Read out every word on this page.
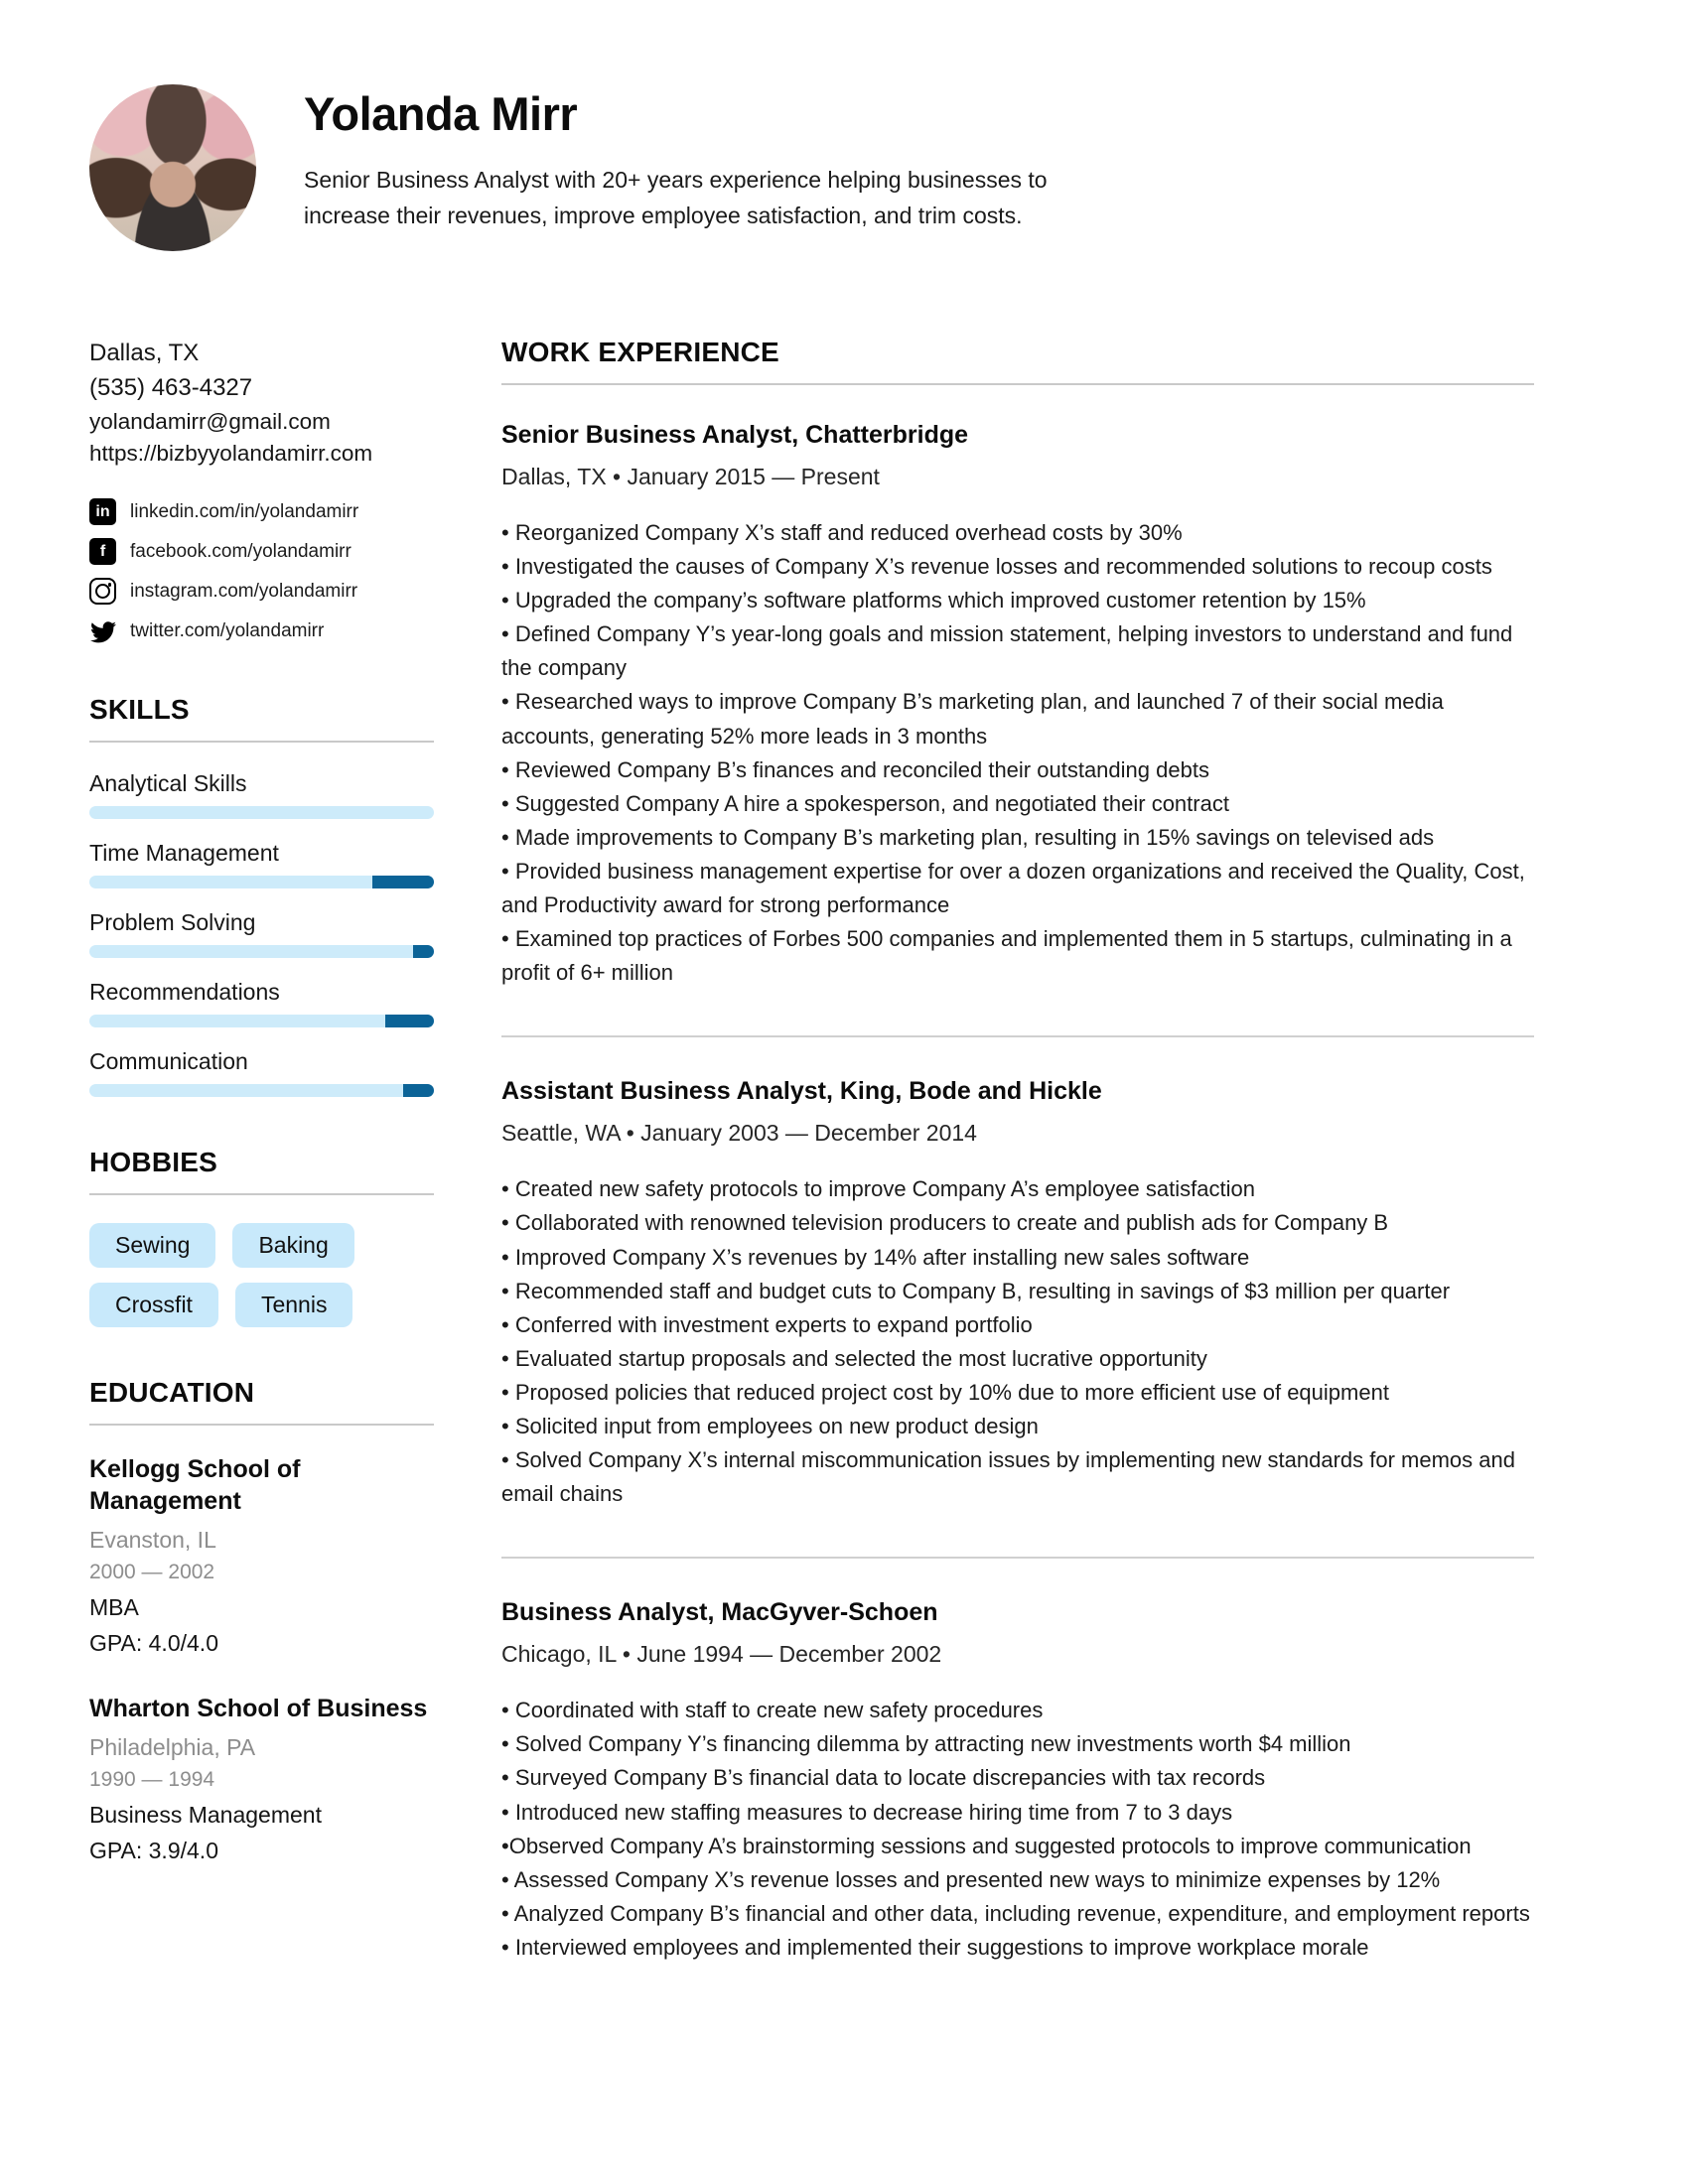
Yolanda Mirr
Senior Business Analyst with 20+ years experience helping businesses to increase their revenues, improve employee satisfaction, and trim costs.
Dallas, TX
(535) 463-4327
yolandamirr@gmail.com
https://bizbyyolandamirr.com
in	linkedin.com/in/yolandamirr
f	facebook.com/yolandamirr
instagram.com/yolandamirr
twitter.com/yolandamirr
SKILLS
Analytical Skills
Time Management
Problem Solving
Recommendations
Communication
HOBBIES
Sewing	Baking
Crossfit	Tennis
EDUCATION
Kellogg School of Management
Evanston, IL
2000 — 2002
MBA
GPA: 4.0/4.0
Wharton School of Business
Philadelphia, PA
1990 — 1994
Business Management
GPA: 3.9/4.0
WORK EXPERIENCE
Senior Business Analyst, Chatterbridge
Dallas, TX • January 2015 — Present
• Reorganized Company X’s staff and reduced overhead costs by 30%
• Investigated the causes of Company X’s revenue losses and recommended solutions to recoup costs
• Upgraded the company’s software platforms which improved customer retention by 15%
• Defined Company Y’s year-long goals and mission statement, helping investors to understand and fund the company
• Researched ways to improve Company B’s marketing plan, and launched 7 of their social media accounts, generating 52% more leads in 3 months
• Reviewed Company B’s finances and reconciled their outstanding debts
• Suggested Company A hire a spokesperson, and negotiated their contract
• Made improvements to Company B’s marketing plan, resulting in 15% savings on televised ads
• Provided business management expertise for over a dozen organizations and received the Quality, Cost, and Productivity award for strong performance
• Examined top practices of Forbes 500 companies and implemented them in 5 startups, culminating in a profit of 6+ million
Assistant Business Analyst, King, Bode and Hickle
Seattle, WA • January 2003 — December 2014
• Created new safety protocols to improve Company A’s employee satisfaction
• Collaborated with renowned television producers to create and publish ads for Company B
• Improved Company X’s revenues by 14% after installing new sales software
• Recommended staff and budget cuts to Company B, resulting in savings of $3 million per quarter
• Conferred with investment experts to expand portfolio
• Evaluated startup proposals and selected the most lucrative opportunity
• Proposed policies that reduced project cost by 10% due to more efficient use of equipment
• Solicited input from employees on new product design
• Solved Company X’s internal miscommunication issues by implementing new standards for memos and email chains
Business Analyst, MacGyver-Schoen
Chicago, IL • June 1994 — December 2002
• Coordinated with staff to create new safety procedures
• Solved Company Y’s financing dilemma by attracting new investments worth $4 million
• Surveyed Company B’s financial data to locate discrepancies with tax records
• Introduced new staffing measures to decrease hiring time from 7 to 3 days
•Observed Company A’s brainstorming sessions and suggested protocols to improve communication
• Assessed Company X’s revenue losses and presented new ways to minimize expenses by 12%
• Analyzed Company B’s financial and other data, including revenue, expenditure, and employment reports
• Interviewed employees and implemented their suggestions to improve workplace morale
